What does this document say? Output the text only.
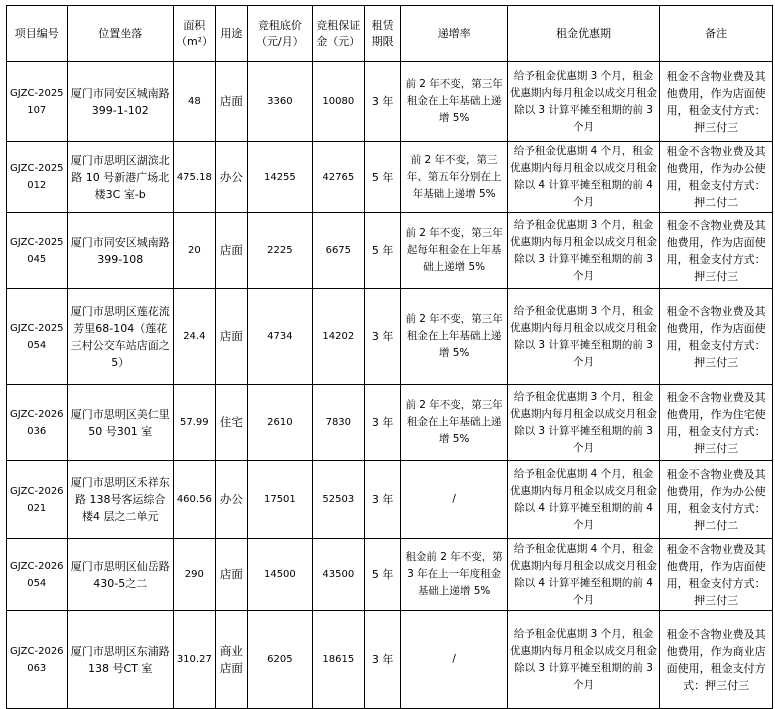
项目编号	位置坐落	面积（m²）	用途	竞租底价（元/月）	竞租保证金（元）	租赁期限	递增率	租金优惠期	备注
GJZC-2025107	厦门市同安区城南路399-1-102	48	店面	3360	10080	3 年	前 2 年不变，第三年租金在上年基础上递增 5%	给予租金优惠期 3 个月，租金优惠期内每月租金以成交月租金除以 3 计算平摊至租期的前 3 个月	租金不含物业费及其他费用，作为店面使用，租金支付方式：押三付三
GJZC-2025012	厦门市思明区湖滨北路 10 号新港广场北楼3C 室-b	475.18	办公	14255	42765	5 年	前 2 年不变，第三年、第五年分别在上年基础上递增 5%	给予租金优惠期 4 个月，租金优惠期内每月租金以成交月租金除以 4 计算平摊至租期的前 4 个月	租金不含物业费及其他费用，作为办公使用，租金支付方式：押二付二
GJZC-2025045	厦门市同安区城南路399-108	20	店面	2225	6675	5 年	前 2 年不变，第三年起每年租金在上年基础上递增 5%	给予租金优惠期 3 个月，租金优惠期内每月租金以成交月租金除以 3 计算平摊至租期的前 3 个月	租金不含物业费及其他费用，作为店面使用，租金支付方式：押三付三
GJZC-2025054	厦门市思明区莲花流芳里68-104（莲花三村公交车站店面之 5）	24.4	店面	4734	14202	3 年	前 2 年不变，第三年租金在上年基础上递增 5%	给予租金优惠期 3 个月，租金优惠期内每月租金以成交月租金除以 3 计算平摊至租期的前 3 个月	租金不含物业费及其他费用，作为店面使用，租金支付方式：押三付三
GJZC-2026036	厦门市思明区美仁里 50 号301 室	57.99	住宅	2610	7830	3 年	前 2 年不变，第三年租金在上年基础上递增 5%	给予租金优惠期 3 个月，租金优惠期内每月租金以成交月租金除以 3 计算平摊至租期的前 3 个月	租金不含物业费及其他费用，作为住宅使用，租金支付方式：押三付三
GJZC-2026021	厦门市思明区禾祥东路 138号客运综合楼4 层之二单元	460.56	办公	17501	52503	3 年	/	给予租金优惠期 4 个月，租金优惠期内每月租金以成交月租金除以 4 计算平摊至租期的前 4 个月	租金不含物业费及其他费用，作为办公使用，租金支付方式：押二付二
GJZC-2026054	厦门市思明区仙岳路 430-5之二	290	店面	14500	43500	5 年	租金前 2 年不变，第 3 年在上一年度租金基础上递增 5%	给予租金优惠期 4 个月，租金优惠期内每月租金以成交月租金除以 4 计算平摊至租期的前 4 个月	租金不含物业费及其他费用，作为店面使用，租金支付方式：押三付三
GJZC-2026063	厦门市思明区东浦路 138 号CT 室	310.27	商业店面	6205	18615	3 年	/	给予租金优惠期 3 个月，租金优惠期内每月租金以成交月租金除以 3 计算平摊至租期的前 3 个月	租金不含物业费及其他费用，作为商业店面使用，租金支付方式：押三付三
